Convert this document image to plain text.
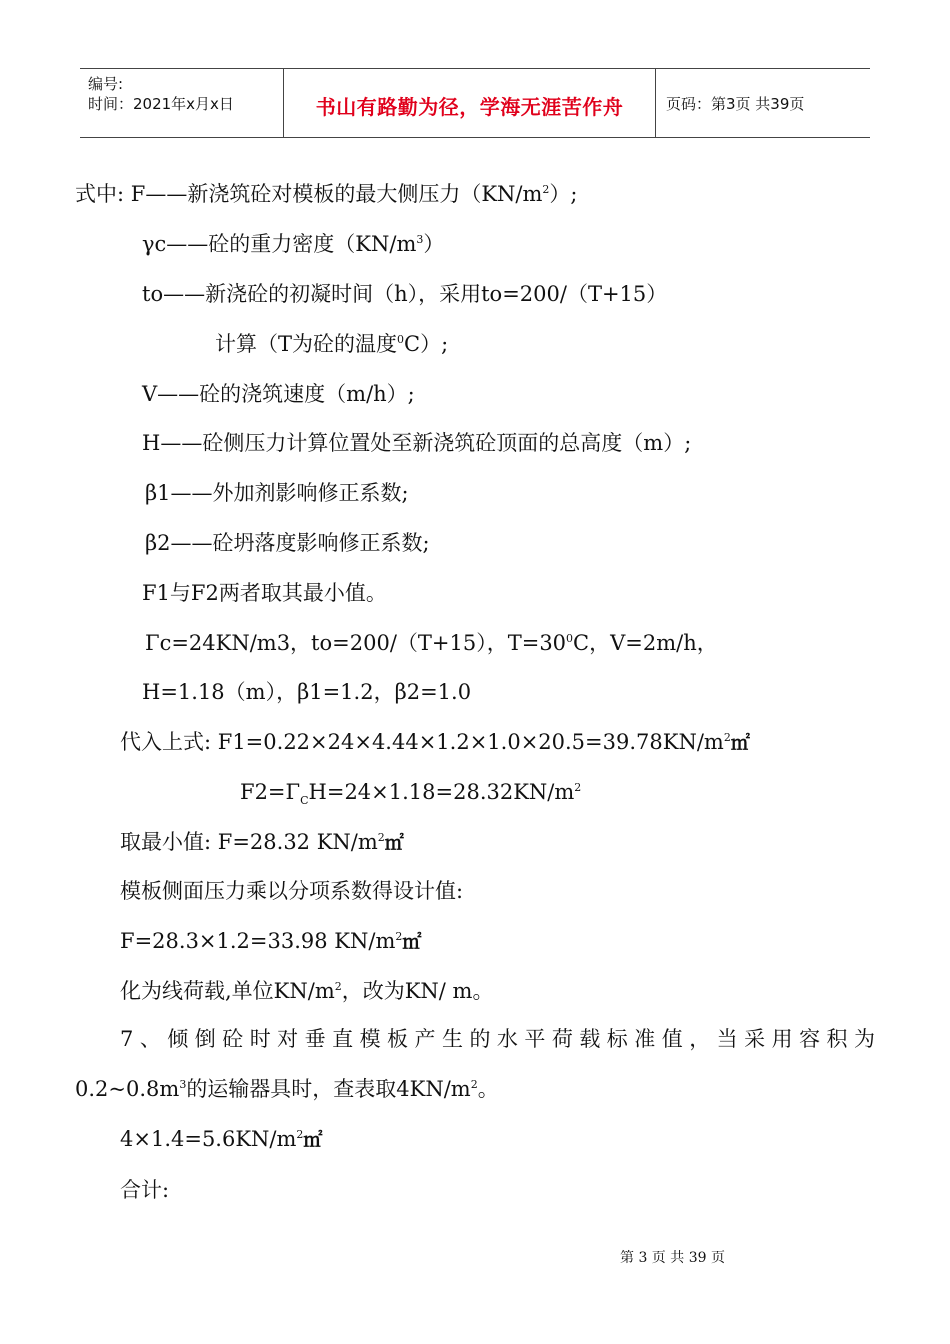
编号:
时间：2021年x月x日	书山有路勤为径，学海无涯苦作舟	页码：第3页 共39页
式中: F——新浇筑砼对模板的最大侧压力$(KN/m^2)$;
γc——砼的重力密度$(KN/m^3)$
to——新浇砼的初凝时间（h），采用to=200/（T+15）
计算（T为砼的温度$^0$C）;
V——砼的浇筑速度（m/h）;
H——砼侧压力计算位置处至新浇筑砼顶面的总高度（m）;
β1——外加剂影响修正系数;
β2——砼坍落度影响修正系数;
F1与F2两者取其最小值。
Γc=24KN/m3，to=200/（T+15），$T=30^0C$，V=2m/h，
H=1.18（m），β1=1.2，β2=1.0
代入上式: $F1=0.22\times 24\times 4.44\times 1.2\times 1.0\times 20.5=39.78KN/m^2㎡$
$F2=\Gamma_CH=24\times 1.18=28.32KN/m^2$
取最小值: F=28.32 $KN/m^2㎡$
模板侧面压力乘以分项系数得设计值:
F=28.3×1.2=33.98 $KN/m^2㎡$
化为线荷载,单位$KN/m^2$，改为KN/ m。
7、倾倒砼时对垂直模板产生的水平荷载标准值，当采用容积为
$0.2\sim 0.8m^3$的运输器具时，查表取$4KN/m^2$。
$4\times 1.4=5.6KN/m^2㎡$
合计:
第 3 页 共 39 页
